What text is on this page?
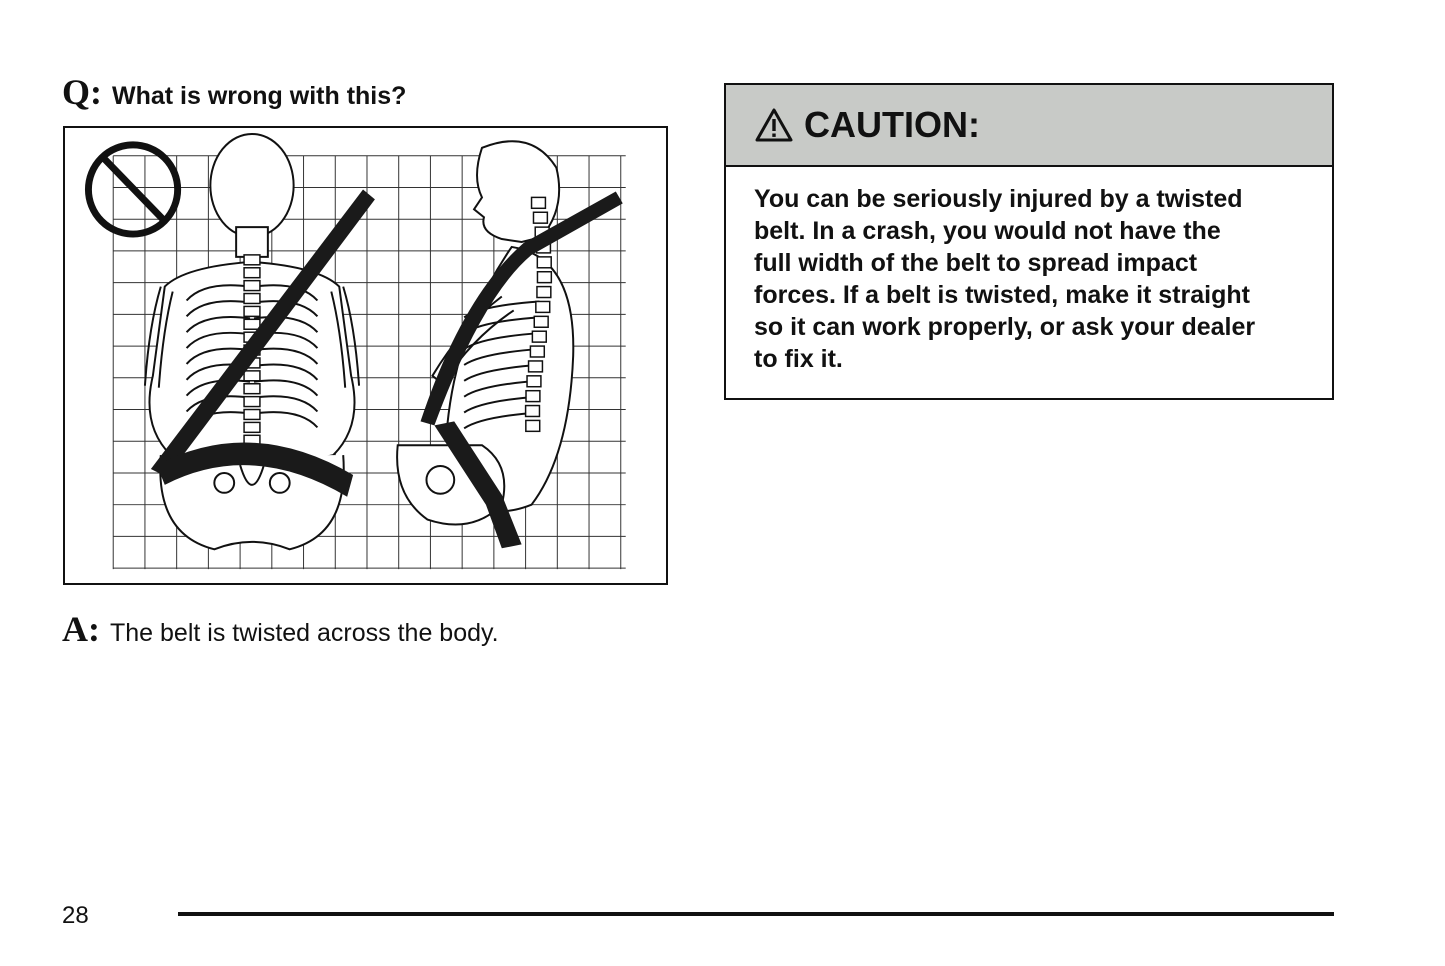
Q: What is wrong with this?
A: The belt is twisted across the body.
CAUTION:
You can be seriously injured by a twisted
belt. In a crash, you would not have the
full width of the belt to spread impact
forces. If a belt is twisted, make it straight
so it can work properly, or ask your dealer
to fix it.
28
